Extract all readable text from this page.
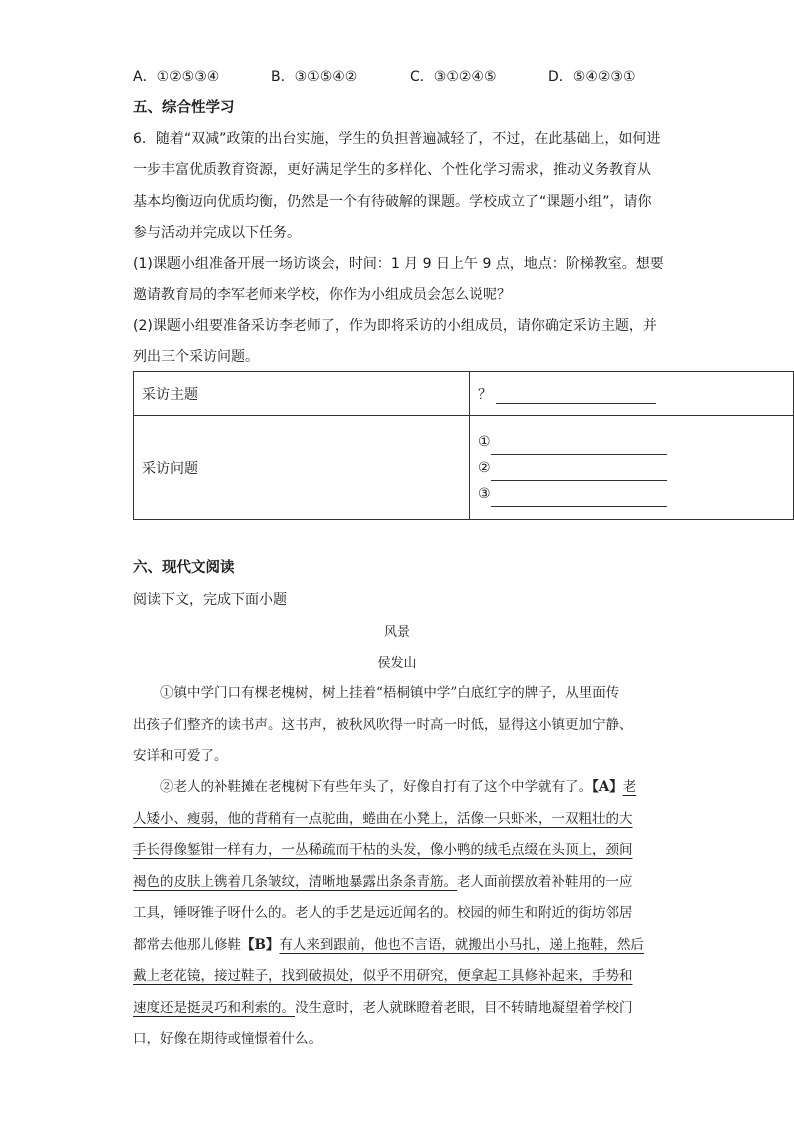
A．①②⑤③④	B．③①⑤④②	C．③①②④⑤	D．⑤④②③①
五、综合性学习
6．随着“双减”政策的出台实施，学生的负担普遍减轻了，不过，在此基础上，如何进
一步丰富优质教育资源，更好满足学生的多样化、个性化学习需求，推动义务教育从
基本均衡迈向优质均衡，仍然是一个有待破解的课题。学校成立了“课题小组”，请你
参与活动并完成以下任务。
(1)课题小组准备开展一场访谈会，时间：1 月 9 日上午 9 点，地点：阶梯教室。想要
邀请教育局的李军老师来学校，你作为小组成员会怎么说呢？
(2)课题小组要准备采访李老师了，作为即将采访的小组成员，请你确定采访主题，并
列出三个采访问题。
采访主题	？
采访问题	①
②
③
六、现代文阅读
阅读下文，完成下面小题
风景
侯发山
①镇中学门口有棵老槐树，树上挂着“梧桐镇中学”白底红字的牌子，从里面传
出孩子们整齐的读书声。这书声，被秋风吹得一时高一时低，显得这小镇更加宁静、
安详和可爱了。
②老人的补鞋摊在老槐树下有些年头了，好像自打有了这个中学就有了。【A】老
人矮小、瘦弱，他的背稍有一点驼曲，蜷曲在小凳上，活像一只虾米，一双粗壮的大
手长得像錾钳一样有力，一丛稀疏而干枯的头发，像小鸭的绒毛点缀在头顶上，颈间
褐色的皮肤上镌着几条皱纹，清晰地暴露出条条青筋。老人面前摆放着补鞋用的一应
工具，锤呀锥子呀什么的。老人的手艺是远近闻名的。校园的师生和附近的街坊邻居
都常去他那儿修鞋【B】有人来到跟前，他也不言语，就搬出小马扎，递上拖鞋，然后
戴上老花镜，接过鞋子，找到破损处，似乎不用研究，便拿起工具修补起来，手势和
速度还是挺灵巧和利索的。没生意时，老人就眯瞪着老眼，目不转睛地凝望着学校门
口，好像在期待或憧憬着什么。
